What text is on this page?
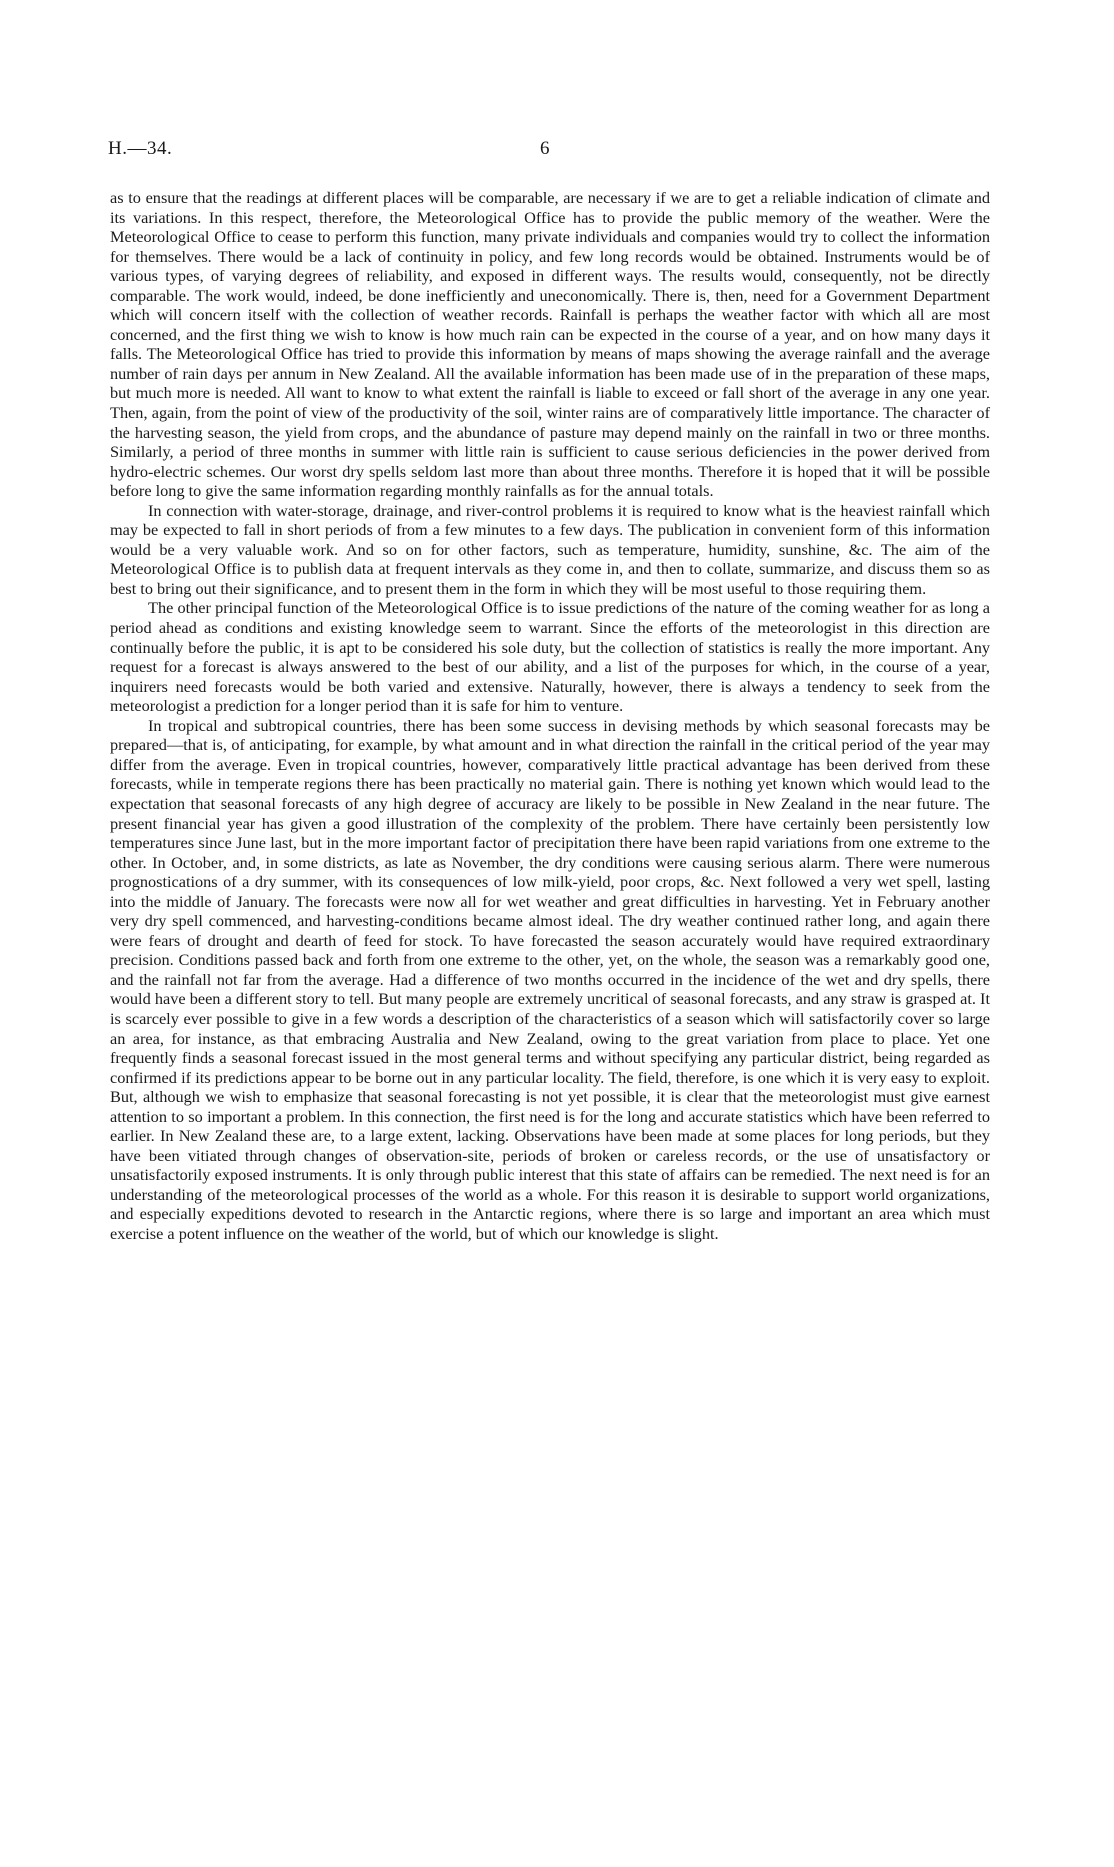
H.—34.	6

as to ensure that the readings at different places will be comparable, are necessary if we are to get a reliable indication of climate and its variations. In this respect, therefore, the Meteorological Office has to provide the public memory of the weather. Were the Meteorological Office to cease to perform this function, many private individuals and companies would try to collect the information for themselves. There would be a lack of continuity in policy, and few long records would be obtained. Instruments would be of various types, of varying degrees of reliability, and exposed in different ways. The results would, consequently, not be directly comparable. The work would, indeed, be done inefficiently and uneconomically. There is, then, need for a Government Department which will concern itself with the collection of weather records. Rainfall is perhaps the weather factor with which all are most concerned, and the first thing we wish to know is how much rain can be expected in the course of a year, and on how many days it falls. The Meteorological Office has tried to provide this information by means of maps showing the average rainfall and the average number of rain days per annum in New Zealand. All the available information has been made use of in the preparation of these maps, but much more is needed. All want to know to what extent the rainfall is liable to exceed or fall short of the average in any one year. Then, again, from the point of view of the productivity of the soil, winter rains are of comparatively little importance. The character of the harvesting season, the yield from crops, and the abundance of pasture may depend mainly on the rainfall in two or three months. Similarly, a period of three months in summer with little rain is sufficient to cause serious deficiencies in the power derived from hydro-electric schemes. Our worst dry spells seldom last more than about three months. Therefore it is hoped that it will be possible before long to give the same information regarding monthly rainfalls as for the annual totals.

In connection with water-storage, drainage, and river-control problems it is required to know what is the heaviest rainfall which may be expected to fall in short periods of from a few minutes to a few days. The publication in convenient form of this information would be a very valuable work. And so on for other factors, such as temperature, humidity, sunshine, &c. The aim of the Meteorological Office is to publish data at frequent intervals as they come in, and then to collate, summarize, and discuss them so as best to bring out their significance, and to present them in the form in which they will be most useful to those requiring them.

The other principal function of the Meteorological Office is to issue predictions of the nature of the coming weather for as long a period ahead as conditions and existing knowledge seem to warrant. Since the efforts of the meteorologist in this direction are continually before the public, it is apt to be considered his sole duty, but the collection of statistics is really the more important. Any request for a forecast is always answered to the best of our ability, and a list of the purposes for which, in the course of a year, inquirers need forecasts would be both varied and extensive. Naturally, however, there is always a tendency to seek from the meteorologist a prediction for a longer period than it is safe for him to venture.

In tropical and subtropical countries, there has been some success in devising methods by which seasonal forecasts may be prepared—that is, of anticipating, for example, by what amount and in what direction the rainfall in the critical period of the year may differ from the average. Even in tropical countries, however, comparatively little practical advantage has been derived from these forecasts, while in temperate regions there has been practically no material gain. There is nothing yet known which would lead to the expectation that seasonal forecasts of any high degree of accuracy are likely to be possible in New Zealand in the near future. The present financial year has given a good illustration of the complexity of the problem. There have certainly been persistently low temperatures since June last, but in the more important factor of precipitation there have been rapid variations from one extreme to the other. In October, and, in some districts, as late as November, the dry conditions were causing serious alarm. There were numerous prognostications of a dry summer, with its consequences of low milk-yield, poor crops, &c. Next followed a very wet spell, lasting into the middle of January. The forecasts were now all for wet weather and great difficulties in harvesting. Yet in February another very dry spell commenced, and harvesting-conditions became almost ideal. The dry weather continued rather long, and again there were fears of drought and dearth of feed for stock. To have forecasted the season accurately would have required extraordinary precision. Conditions passed back and forth from one extreme to the other, yet, on the whole, the season was a remarkably good one, and the rainfall not far from the average. Had a difference of two months occurred in the incidence of the wet and dry spells, there would have been a different story to tell. But many people are extremely uncritical of seasonal forecasts, and any straw is grasped at. It is scarcely ever possible to give in a few words a description of the characteristics of a season which will satisfactorily cover so large an area, for instance, as that embracing Australia and New Zealand, owing to the great variation from place to place. Yet one frequently finds a seasonal forecast issued in the most general terms and without specifying any particular district, being regarded as confirmed if its predictions appear to be borne out in any particular locality. The field, therefore, is one which it is very easy to exploit. But, although we wish to emphasize that seasonal forecasting is not yet possible, it is clear that the meteorologist must give earnest attention to so important a problem. In this connection, the first need is for the long and accurate statistics which have been referred to earlier. In New Zealand these are, to a large extent, lacking. Observations have been made at some places for long periods, but they have been vitiated through changes of observation-site, periods of broken or careless records, or the use of unsatisfactory or unsatisfactorily exposed instruments. It is only through public interest that this state of affairs can be remedied. The next need is for an understanding of the meteorological processes of the world as a whole. For this reason it is desirable to support world organizations, and especially expeditions devoted to research in the Antarctic regions, where there is so large and important an area which must exercise a potent influence on the weather of the world, but of which our knowledge is slight.
